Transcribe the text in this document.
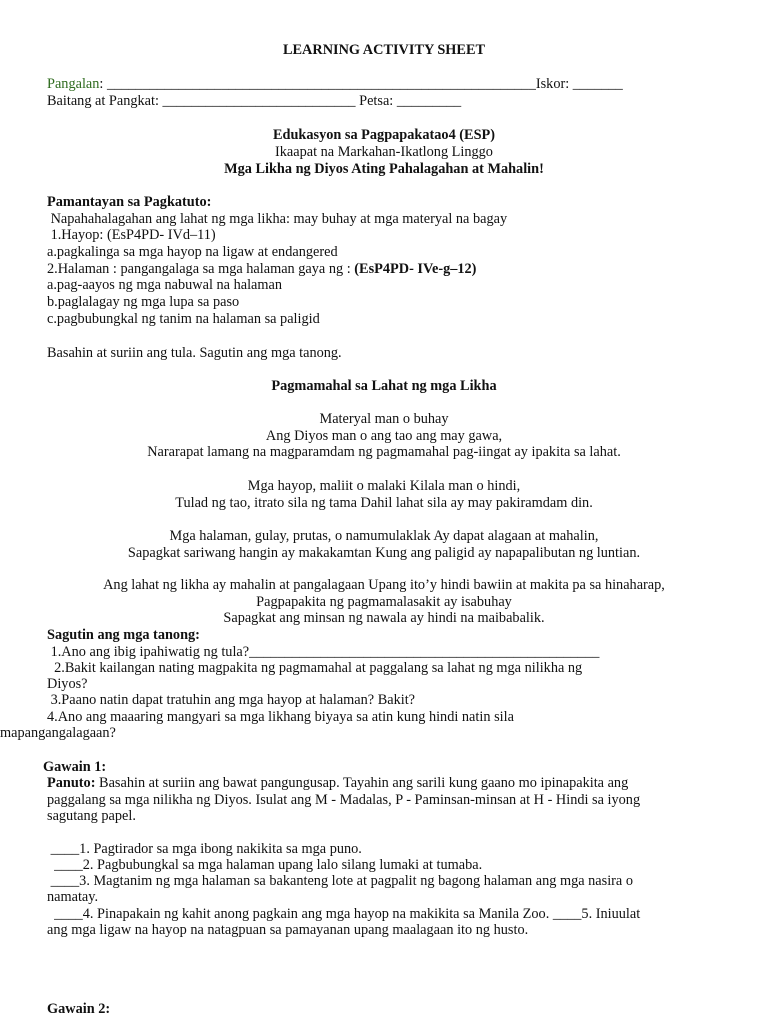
LEARNING ACTIVITY SHEET
Pangalan: ____________________________________________________________Iskor: _______
Baitang at Pangkat: ___________________________ Petsa: _________
Edukasyon sa Pagpapakatao4 (ESP)
Ikaapat na Markahan-Ikatlong Linggo
Mga Likha ng Diyos Ating Pahalagahan at Mahalin!
Pamantayan sa Pagkatuto:
Napahahalagahan ang lahat ng mga likha: may buhay at mga materyal na bagay
1.Hayop: (EsP4PD- IVd–11)
a.pagkalinga sa mga hayop na ligaw at endangered
2.Halaman : pangangalaga sa mga halaman gaya ng : (EsP4PD- IVe-g–12)
a.pag-aayos ng mga nabuwal na halaman
b.paglalagay ng mga lupa sa paso
c.pagbubungkal ng tanim na halaman sa paligid
Basahin at suriin ang tula. Sagutin ang mga tanong.
Pagmamahal sa Lahat ng mga Likha
Materyal man o buhay
Ang Diyos man o ang tao ang may gawa,
Nararapat lamang na magparamdam ng pagmamahal pag-iingat ay ipakita sa lahat.
Mga hayop, maliit o malaki Kilala man o hindi,
Tulad ng tao, itrato sila ng tama Dahil lahat sila ay may pakiramdam din.
Mga halaman, gulay, prutas, o namumulaklak Ay dapat alagaan at mahalin,
Sapagkat sariwang hangin ay makakamtan Kung ang paligid ay napapalibutan ng luntian.
Ang lahat ng likha ay mahalin at pangalagaan Upang ito’y hindi bawiin at makita pa sa hinaharap,
Pagpapakita ng pagmamalasakit ay isabuhay
Sapagkat ang minsan ng nawala ay hindi na maibabalik.
Sagutin ang mga tanong:
1.Ano ang ibig ipahiwatig ng tula?_________________________________________________
2.Bakit kailangan nating magpakita ng pagmamahal at paggalang sa lahat ng mga nilikha ng
Diyos?
3.Paano natin dapat tratuhin ang mga hayop at halaman? Bakit?
4.Ano ang maaaring mangyari sa mga likhang biyaya sa atin kung hindi natin sila
mapangangalagaan?
Gawain 1:
Panuto: Basahin at suriin ang bawat pangungusap. Tayahin ang sarili kung gaano mo ipinapakita ang
paggalang sa mga nilikha ng Diyos. Isulat ang M - Madalas, P - Paminsan-minsan at H - Hindi sa iyong
sagutang papel.
____1. Pagtirador sa mga ibong nakikita sa mga puno.
____2. Pagbubungkal sa mga halaman upang lalo silang lumaki at tumaba.
____3. Magtanim ng mga halaman sa bakanteng lote at pagpalit ng bagong halaman ang mga nasira o
namatay.
____4. Pinapakain ng kahit anong pagkain ang mga hayop na makikita sa Manila Zoo. ____5. Iniuulat
ang mga ligaw na hayop na natagpuan sa pamayanan upang maalagaan ito ng husto.
Gawain 2:
